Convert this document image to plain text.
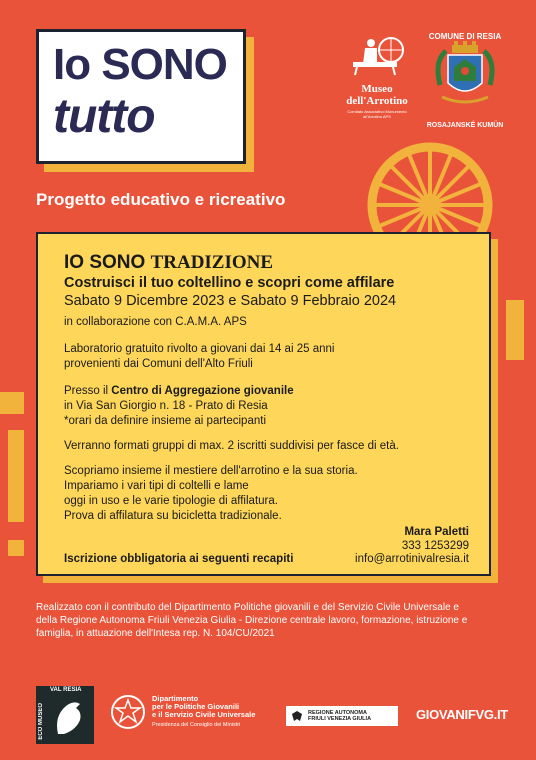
Io SONO
tutto
Museo dell'Arrotino
Comitato Associativo Monumento all'Arrotino APS
COMUNE DI RESIA
ROSAJANSKÉ KUMÜN
Progetto educativo e ricreativo
IO SONO TRADIZIONE
Costruisci il tuo coltellino e scopri come affilare
Sabato 9 Dicembre 2023 e Sabato 9 Febbraio 2024
in collaborazione con C.A.M.A. APS
Laboratorio gratuito rivolto a giovani dai 14 ai 25 anni
provenienti dai Comuni dell'Alto Friuli
Presso il Centro di Aggregazione giovanile
in Via San Giorgio n. 18 - Prato di Resia
*orari da definire insieme ai partecipanti
Verranno formati gruppi di max. 2 iscritti suddivisi per fasce di età.
Scopriamo insieme il mestiere dell'arrotino e la sua storia.
Impariamo i vari tipi di coltelli e lame
oggi in uso e le varie tipologie di affilatura.
Prova di affilatura su bicicletta tradizionale.
Mara Paletti
333 1253299
Iscrizione obbligatoria ai seguenti recapiti	info@arrotinivalresia.it
Realizzato con il contributo del Dipartimento Politiche giovanili e del Servizio Civile Universale e della Regione Autonoma Friuli Venezia Giulia - Direzione centrale lavoro, formazione, istruzione e famiglia, in attuazione dell'Intesa rep. N. 104/CU/2021
VAL RESIA
ECO MUSEO
Dipartimento
per le Politiche Giovanili
e il Servizio Civile Universale
Presidenza del Consiglio dei Ministri
REGIONE AUTONOMA
FRIULI VENEZIA GIULIA	GIOVANIFVG.IT
